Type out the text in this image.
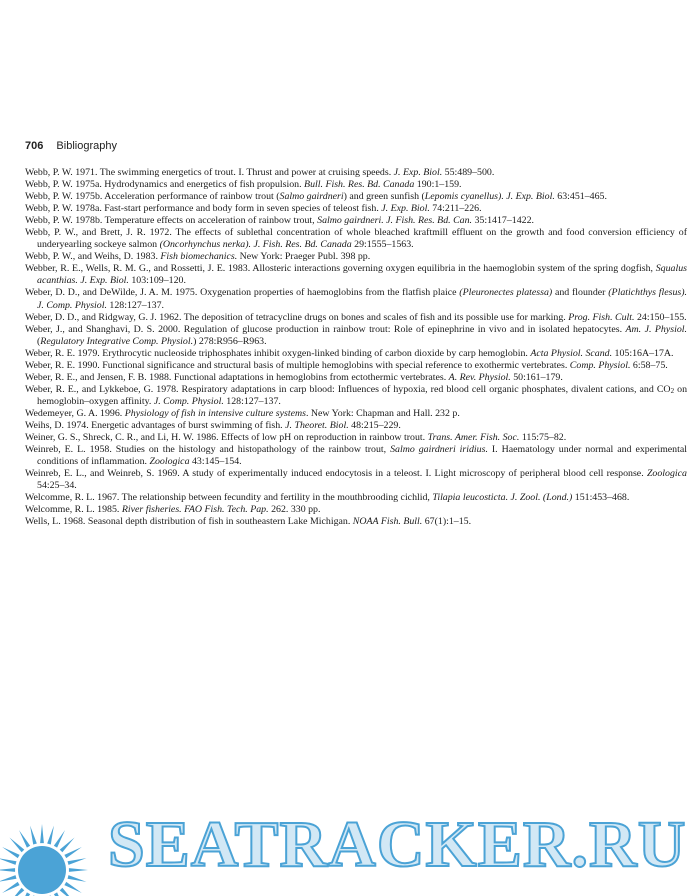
706 Bibliography

Webb, P. W. 1971. The swimming energetics of trout. I. Thrust and power at cruising speeds. J. Exp. Biol. 55:489–500.

Webb, P. W. 1975a. Hydrodynamics and energetics of fish propulsion. Bull. Fish. Res. Bd. Canada 190:1–159.

Webb, P. W. 1975b. Acceleration performance of rainbow trout (Salmo gairdneri) and green sunfish (Lepomis cyanellus). J. Exp. Biol. 63:451–465.

Webb, P. W. 1978a. Fast-start performance and body form in seven species of teleost fish. J. Exp. Biol. 74:211–226.

Webb, P. W. 1978b. Temperature effects on acceleration of rainbow trout, Salmo gairdneri. J. Fish. Res. Bd. Can. 35:1417–1422.

Webb, P. W., and Brett, J. R. 1972. The effects of sublethal concentration of whole bleached kraftmill effluent on the growth and food conversion efficiency of underyearling sockeye salmon (Oncorhynchus nerka). J. Fish. Res. Bd. Canada 29:1555–1563.

Webb, P. W., and Weihs, D. 1983. Fish biomechanics. New York: Praeger Publ. 398 pp.

Webber, R. E., Wells, R. M. G., and Rossetti, J. E. 1983. Allosteric interactions governing oxygen equilibria in the haemoglobin system of the spring dogfish, Squalus acanthias. J. Exp. Biol. 103:109–120.

Weber, D. D., and DeWilde, J. A. M. 1975. Oxygenation properties of haemoglobins from the flatfish plaice (Pleuronectes platessa) and flounder (Platichthys flesus). J. Comp. Physiol. 128:127–137.

Weber, D. D., and Ridgway, G. J. 1962. The deposition of tetracycline drugs on bones and scales of fish and its possible use for marking. Prog. Fish. Cult. 24:150–155.

Weber, J., and Shanghavi, D. S. 2000. Regulation of glucose production in rainbow trout: Role of epinephrine in vivo and in isolated hepatocytes. Am. J. Physiol. (Regulatory Integrative Comp. Physiol.) 278:R956–R963.

Weber, R. E. 1979. Erythrocytic nucleoside triphosphates inhibit oxygen-linked binding of carbon dioxide by carp hemoglobin. Acta Physiol. Scand. 105:16A–17A.

Weber, R. E. 1990. Functional significance and structural basis of multiple hemoglobins with special reference to exothermic vertebrates. Comp. Physiol. 6:58–75.

Weber, R. E., and Jensen, F. B. 1988. Functional adaptations in hemoglobins from ectothermic vertebrates. A. Rev. Physiol. 50:161–179.

Weber, R. E., and Lykkeboe, G. 1978. Respiratory adaptations in carp blood: Influences of hypoxia, red blood cell organic phosphates, divalent cations, and $CO_2$ on hemoglobin–oxygen affinity. J. Comp. Physiol. 128:127–137.

Wedemeyer, G. A. 1996. Physiology of fish in intensive culture systems. New York: Chapman and Hall. 232 p.

Weihs, D. 1974. Energetic advantages of burst swimming of fish. J. Theoret. Biol. 48:215–229.

Weiner, G. S., Shreck, C. R., and Li, H. W. 1986. Effects of low pH on reproduction in rainbow trout. Trans. Amer. Fish. Soc. 115:75–82.

Weinreb, E. L. 1958. Studies on the histology and histopathology of the rainbow trout, Salmo gairdneri iridius. I. Haematology under normal and experimental conditions of inflammation. Zoologica 43:145–154.

Weinreb, E. L., and Weinreb, S. 1969. A study of experimentally induced endocytosis in a teleost. I. Light microscopy of peripheral blood cell response. Zoologica 54:25–34.

Welcomme, R. L. 1967. The relationship between fecundity and fertility in the mouthbrooding cichlid, Tilapia leucosticta. J. Zool. (Lond.) 151:453–468.

Welcomme, R. L. 1985. River fisheries. FAO Fish. Tech. Pap. 262. 330 pp.

Wells, L. 1968. Seasonal depth distribution of fish in southeastern Lake Michigan. NOAA Fish. Bull. 67(1):1–15.

SEATRACKER.RU
